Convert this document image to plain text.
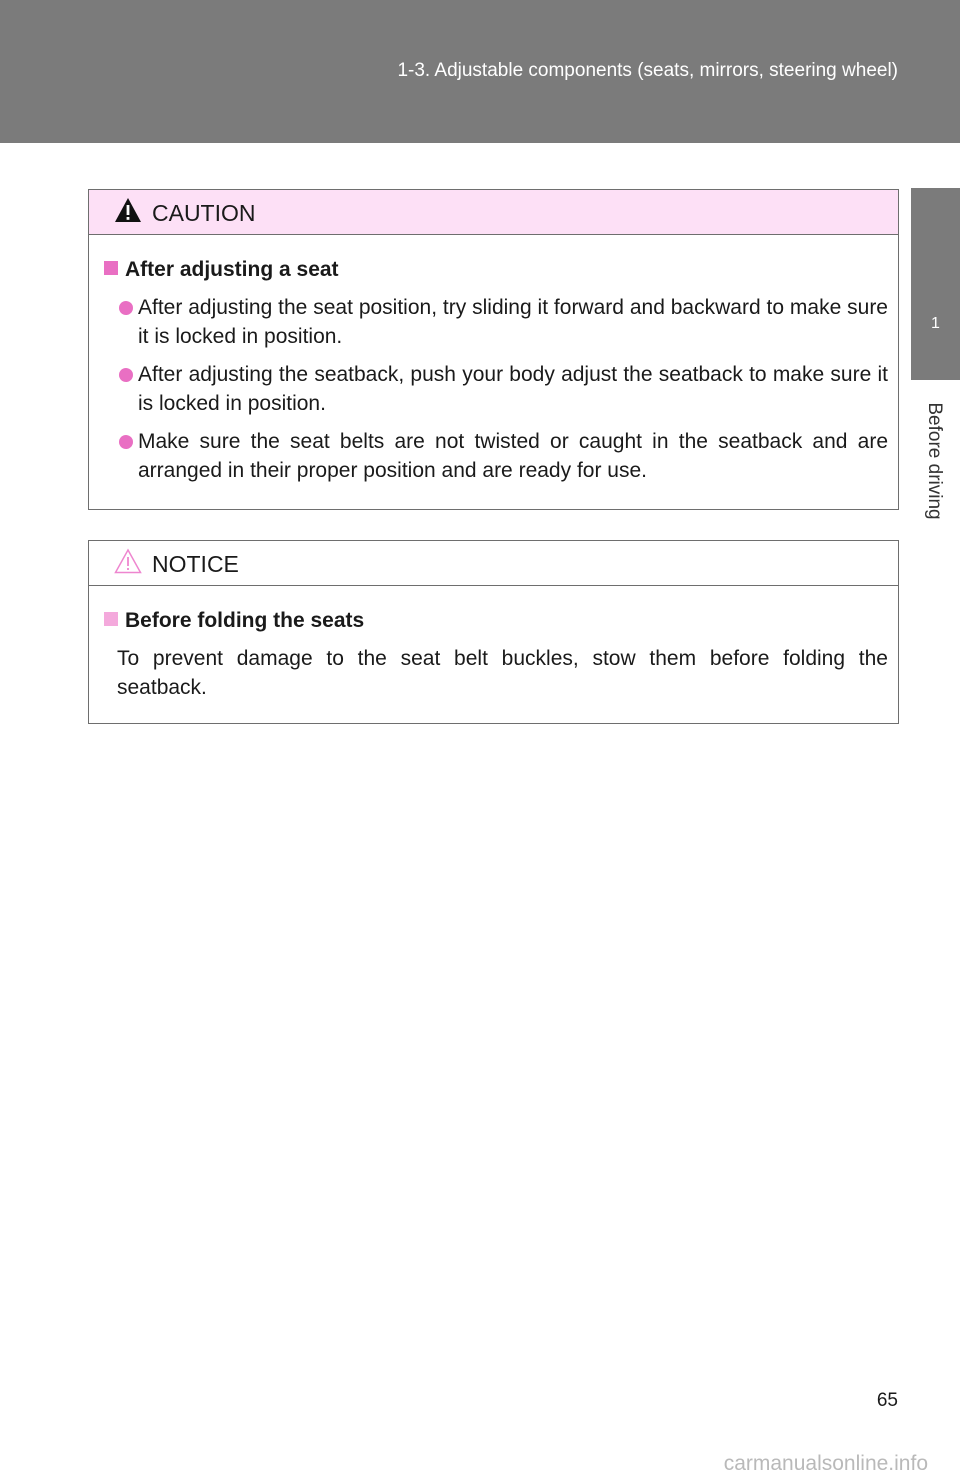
1-3. Adjustable components (seats, mirrors, steering wheel)
1
Before driving
CAUTION
After adjusting a seat
After adjusting the seat position, try sliding it forward and backward to make sure it is locked in position.
After adjusting the seatback, push your body adjust the seatback to make sure it is locked in position.
Make sure the seat belts are not twisted or caught in the seatback and are arranged in their proper position and are ready for use.
NOTICE
Before folding the seats
To prevent damage to the seat belt buckles, stow them before folding the seatback.
65
carmanualsonline.info
